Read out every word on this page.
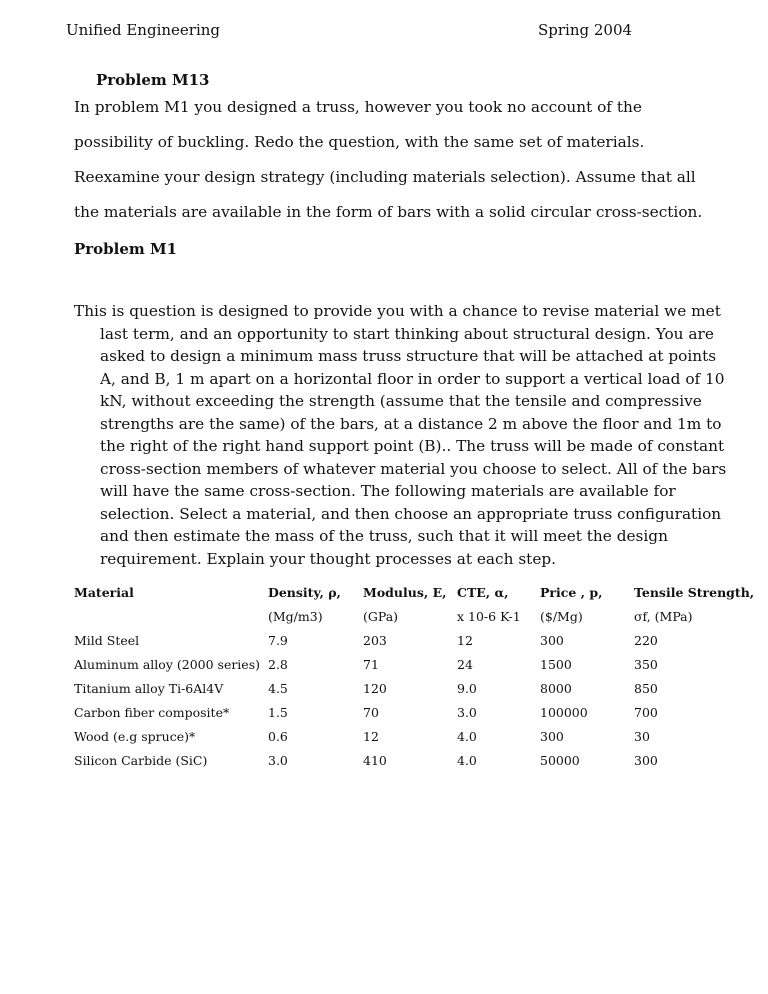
Unified Engineering	Spring 2004
Problem M13

In problem M1 you designed a truss, however you took no account of the possibility of buckling. Redo the question, with the same set of materials. Reexamine your design strategy (including materials selection). Assume that all the materials are available in the form of bars with a solid circular cross-section.

Problem M1

This is question is designed to provide you with a chance to revise material we met last term, and an opportunity to start thinking about structural design. You are asked to design a minimum mass truss structure that will be attached at points A, and B, 1 m apart on a horizontal floor in order to support a vertical load of 10 kN, without exceeding the strength (assume that the tensile and compressive strengths are the same) of the bars, at a distance 2 m above the floor and 1m to the right of the right hand support point (B).. The truss will be made of constant cross-section members of whatever material you choose to select. All of the bars will have the same cross-section. The following materials are available for selection. Select a material, and then choose an appropriate truss configuration and then estimate the mass of the truss, such that it will meet the design requirement. Explain your thought processes at each step.

Material	Density, ρ,	Modulus, E,	CTE, α,	Price , p,	Tensile Strength,
	(Mg/m3)	(GPa)	x 10-6 K-1	($/Mg)	σf, (MPa)
Mild Steel	7.9	203	12	300	220
Aluminum alloy (2000 series)	2.8	71	24	1500	350
Titanium alloy Ti-6Al4V	4.5	120	9.0	8000	850
Carbon fiber composite*	1.5	70	3.0	100000	700
Wood (e.g spruce)*	0.6	12	4.0	300	30
Silicon Carbide (SiC)	3.0	410	4.0	50000	300
